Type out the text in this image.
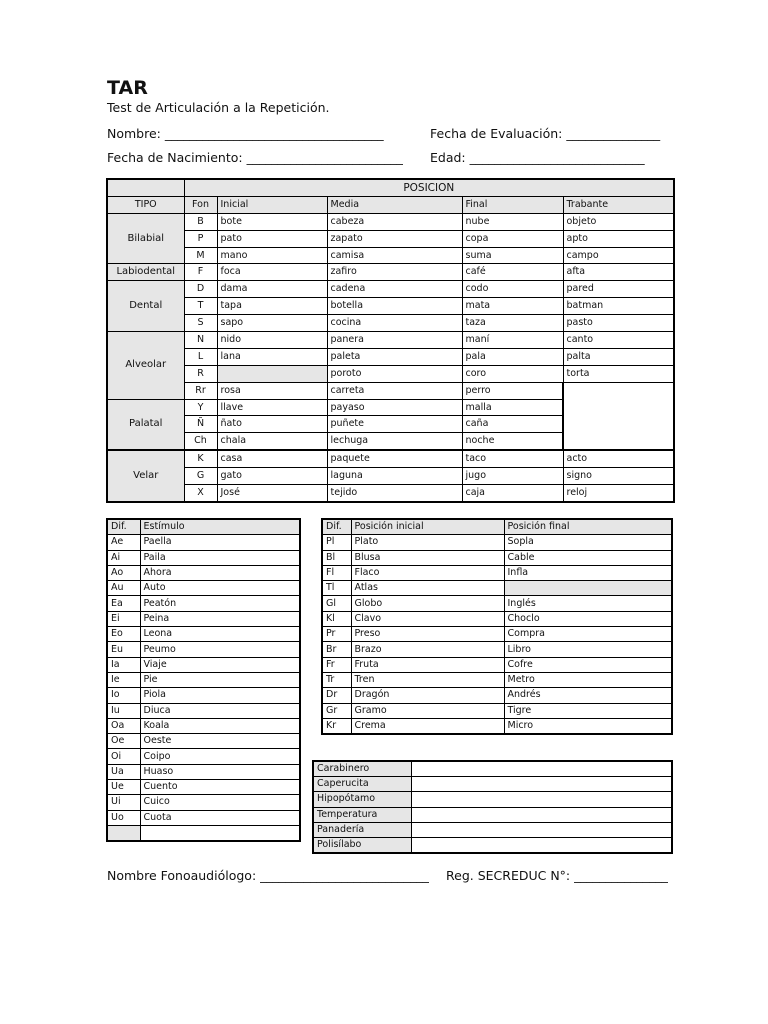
TAR
Test de Articulación a la Repetición.
Nombre: ___________________________________	Fecha de Evaluación: _______________
Fecha de Nacimiento: _________________________ Edad: ____________________________
	POSICION				
TIPO	Fon	Inicial	Media	Final	Trabante
Bilabial	B	bote	cabeza	nube	objeto
	P	pato	zapato	copa	apto
	M	mano	camisa	suma	campo
Labiodental	F	foca	zafiro	café	afta
Dental	D	dama	cadena	codo	pared
	T	tapa	botella	mata	batman
	S	sapo	cocina	taza	pasto
Alveolar	N	nido	panera	maní	canto
	L	lana	paleta	pala	palta
	R		poroto	coro	torta
	Rr	rosa	carreta	perro	
Palatal	Y	llave	payaso	malla	
	Ñ	ñato	puñete	caña	
	Ch	chala	lechuga	noche	
Velar	K	casa	paquete	taco	acto
	G	gato	laguna	jugo	signo
	X	José	tejido	caja	reloj
Dif.	Estímulo
Ae	Paella
Ai	Paila
Ao	Ahora
Au	Auto
Ea	Peatón
Ei	Peina
Eo	Leona
Eu	Peumo
Ia	Viaje
Ie	Pie
Io	Piola
Iu	Diuca
Oa	Koala
Oe	Oeste
Oi	Coipo
Ua	Huaso
Ue	Cuento
Ui	Cuico
Uo	Cuota

Dif.	Posición inicial	Posición final
Pl	Plato	Sopla
Bl	Blusa	Cable
Fl	Flaco	Infla
Tl	Atlas	
Gl	Globo	Inglés
Kl	Clavo	Choclo
Pr	Preso	Compra
Br	Brazo	Libro
Fr	Fruta	Cofre
Tr	Tren	Metro
Dr	Dragón	Andrés
Gr	Gramo	Tigre
Kr	Crema	Micro
Carabinero	
Caperucita	
Hipopótamo	
Temperatura	
Panadería	
Polisílabo	
Nombre Fonoaudiólogo: ___________________________ Reg. SECREDUC N°: _______________
